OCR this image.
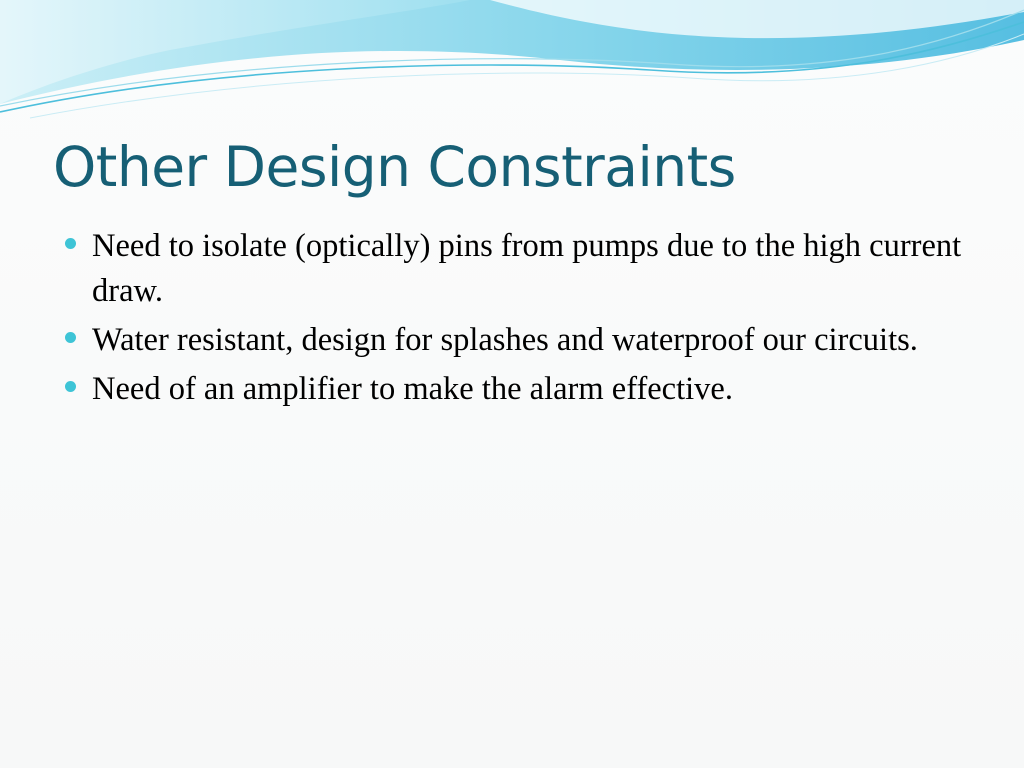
Other Design Constraints
Need to isolate (optically) pins from pumps due to the high current draw.
Water resistant, design for splashes and waterproof our circuits.
Need of an amplifier to make the alarm effective.
